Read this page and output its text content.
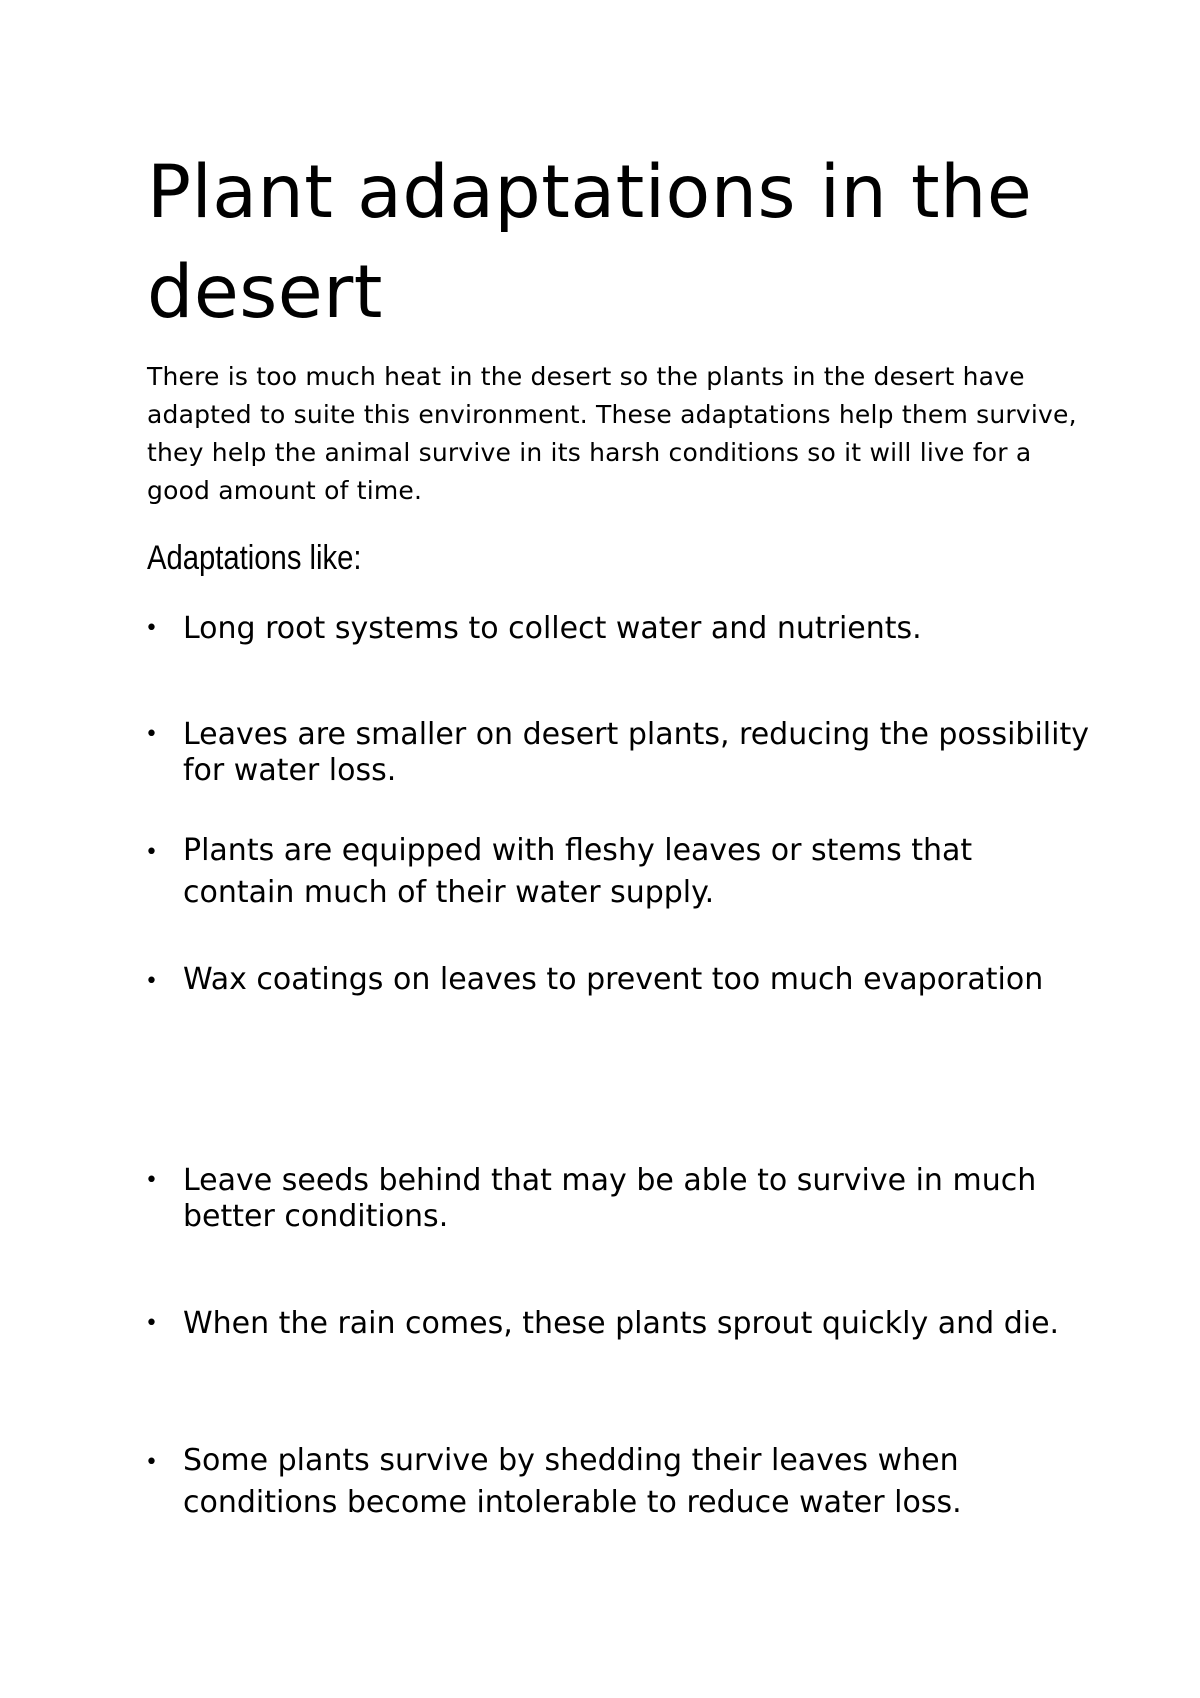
Plant adaptations in the desert

There is too much heat in the desert so the plants in the desert have adapted to suite this environment. These adaptations help them survive, they help the animal survive in its harsh conditions so it will live for a good amount of time.

Adaptations like:
• Long root systems to collect water and nutrients.
• Leaves are smaller on desert plants, reducing the possibility for water loss.
• Plants are equipped with fleshy leaves or stems that contain much of their water supply.
• Wax coatings on leaves to prevent too much evaporation
• Leave seeds behind that may be able to survive in much better conditions.
• When the rain comes, these plants sprout quickly and die.
• Some plants survive by shedding their leaves when conditions become intolerable to reduce water loss.
